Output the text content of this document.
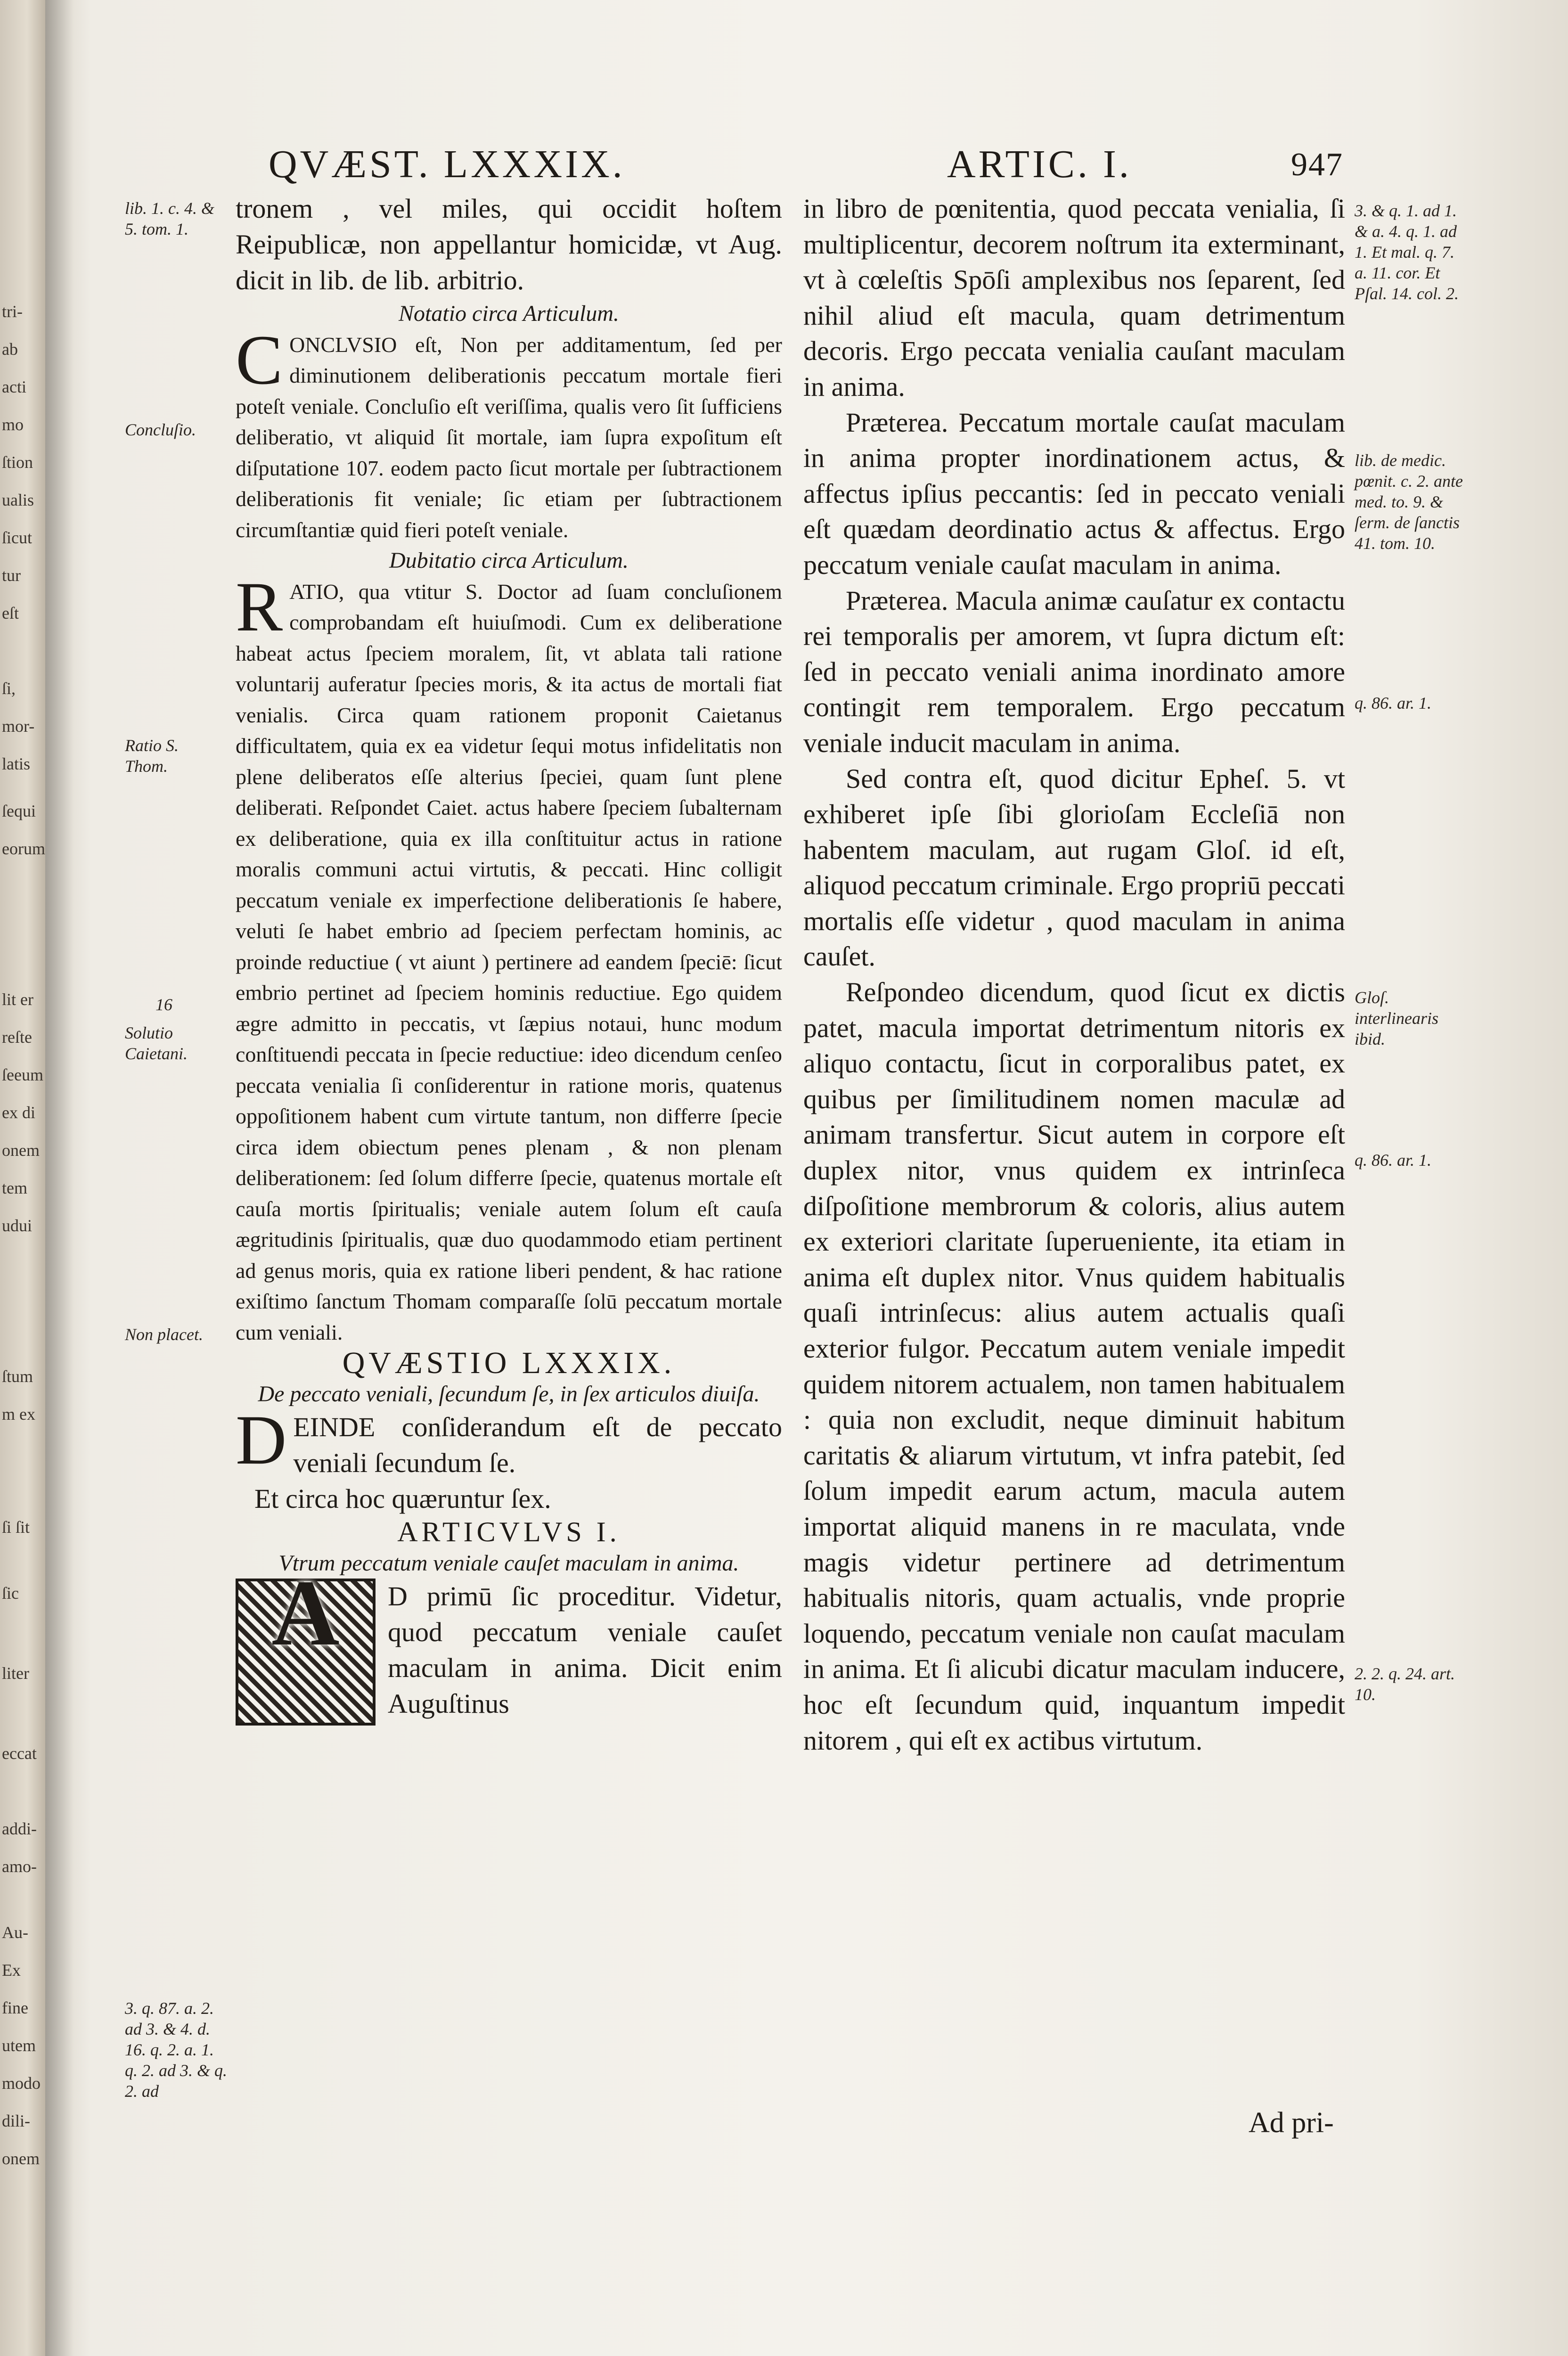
tri-
ab
acti
mo
ſtion
ualis
ſicut
tur
eſt
ſi,
mor-
latis
ſequi
eorum
lit er
reſte
ſeeum
ex di
onem
tem
udui
ſtum
m ex
ſi ſit
ſic
liter
eccat
addi-
amo-
Au-
Ex
fine
utem
modo
dili-
onem
QVÆST. LXXXIX.	ARTIC. I.	947

tronem , vel miles, qui occidit hoſtem Reipublicæ, non appellantur homicidæ, vt Aug. dicit in lib. de lib. arbitrio.

Notatio circa Articulum.

C ONCLVSIO eſt, Non per additamentum, ſed per diminutionem deliberationis peccatum mortale fieri poteſt veniale. Concluſio eſt veriſſima, qualis vero ſit ſufficiens deliberatio, vt aliquid ſit mortale, iam ſupra expoſitum eſt diſputatione 107. eodem pacto ſicut mortale per ſubtractionem deliberationis fit veniale; ſic etiam per ſubtractionem circumſtantiæ quid fieri poteſt veniale.

Dubitatio circa Articulum.

R ATIO, qua vtitur S. Doctor ad ſuam concluſionem comprobandam eſt huiuſmodi. Cum ex deliberatione habeat actus ſpeciem moralem, ſit, vt ablata tali ratione voluntarij auferatur ſpecies moris, & ita actus de mortali fiat venialis. Circa quam rationem proponit Caietanus difficultatem, quia ex ea videtur ſequi motus infidelitatis non plene deliberatos eſſe alterius ſpeciei, quam ſunt plene deliberati. Reſpondet Caiet. actus habere ſpeciem ſubalternam ex deliberatione, quia ex illa conſtituitur actus in ratione moralis communi actui virtutis, & peccati. Hinc colligit peccatum veniale ex imperfectione deliberationis ſe habere, veluti ſe habet embrio ad ſpeciem perfectam hominis, ac proinde reductiue ( vt aiunt ) pertinere ad eandem ſpeciē: ſicut embrio pertinet ad ſpeciem hominis reductiue. Ego quidem ægre admitto in peccatis, vt ſæpius notaui, hunc modum conſtituendi peccata in ſpecie reductiue: ideo dicendum cenſeo peccata venialia ſi conſiderentur in ratione moris, quatenus oppoſitionem habent cum virtute tantum, non differre ſpecie circa idem obiectum penes plenam , & non plenam deliberationem: ſed ſolum differre ſpecie, quatenus mortale eſt cauſa mortis ſpiritualis; veniale autem ſolum eſt cauſa ægritudinis ſpiritualis, quæ duo quodammodo etiam pertinent ad genus moris, quia ex ratione liberi pendent, & hac ratione exiſtimo ſanctum Thomam comparaſſe ſolū peccatum mortale cum veniali.

QVÆSTIO LXXXIX.

De peccato veniali, ſecundum ſe, in ſex articulos diuiſa.

D EINDE conſiderandum eſt de peccato veniali ſecundum ſe.

Et circa hoc quæruntur ſex.

ARTICVLVS I.

Vtrum peccatum veniale cauſet maculam in anima.

A	D primū ſic proceditur. Videtur, quod peccatum veniale cauſet maculam in anima. Dicit enim Auguſtinus

lib. 1. c. 4. & 5. tom. 1.
Concluſio.
Ratio S. Thom.
16
Solutio Caietani.
Non placet.
3. q. 87. a. 2. ad 3. & 4. d. 16. q. 2. a. 1. q. 2. ad 3. & q. 2. ad

in libro de pœnitentia, quod peccata venialia, ſi multiplicentur, decorem noſtrum ita exterminant, vt à cœleſtis Spōſi amplexibus nos ſeparent, ſed nihil aliud eſt macula, quam detrimentum decoris. Ergo peccata venialia cauſant maculam in anima.

Præterea. Peccatum mortale cauſat maculam in anima propter inordinationem actus, & affectus ipſius peccantis: ſed in peccato veniali eſt quædam deordinatio actus & affectus. Ergo peccatum veniale cauſat maculam in anima.

Præterea. Macula animæ cauſatur ex contactu rei temporalis per amorem, vt ſupra dictum eſt: ſed in peccato veniali anima inordinato amore contingit rem temporalem. Ergo peccatum veniale inducit maculam in anima.

Sed contra eſt, quod dicitur Epheſ. 5. vt exhiberet ipſe ſibi glorioſam Eccleſiā non habentem maculam, aut rugam Gloſ. id eſt, aliquod peccatum criminale. Ergo propriū peccati mortalis eſſe videtur , quod maculam in anima cauſet.

Reſpondeo dicendum, quod ſicut ex dictis patet, macula importat detrimentum nitoris ex aliquo contactu, ſicut in corporalibus patet, ex quibus per ſimilitudinem nomen maculæ ad animam transfertur. Sicut autem in corpore eſt duplex nitor, vnus quidem ex intrinſeca diſpoſitione membrorum & coloris, alius autem ex exteriori claritate ſuperueniente, ita etiam in anima eſt duplex nitor. Vnus quidem habitualis quaſi intrinſecus: alius autem actualis quaſi exterior fulgor. Peccatum autem veniale impedit quidem nitorem actualem, non tamen habitualem : quia non excludit, neque diminuit habitum caritatis & aliarum virtutum, vt infra patebit, ſed ſolum impedit earum actum, macula autem importat aliquid manens in re maculata, vnde magis videtur pertinere ad detrimentum habitualis nitoris, quam actualis, vnde proprie loquendo, peccatum veniale non cauſat maculam in anima. Et ſi alicubi dicatur maculam inducere, hoc eſt ſecundum quid, inquantum impedit nitorem , qui eſt ex actibus virtutum.

Ad pri-
3. & q. 1. ad 1. & a. 4. q. 1. ad 1. Et mal. q. 7. a. 11. cor. Et Pſal. 14. col. 2.
lib. de medic. pœnit. c. 2. ante med. to. 9. & ſerm. de ſanctis 41. tom. 10.
q. 86. ar. 1.
Gloſ. interlinearis ibid.
q. 86. ar. 1.
2. 2. q. 24. art. 10.
